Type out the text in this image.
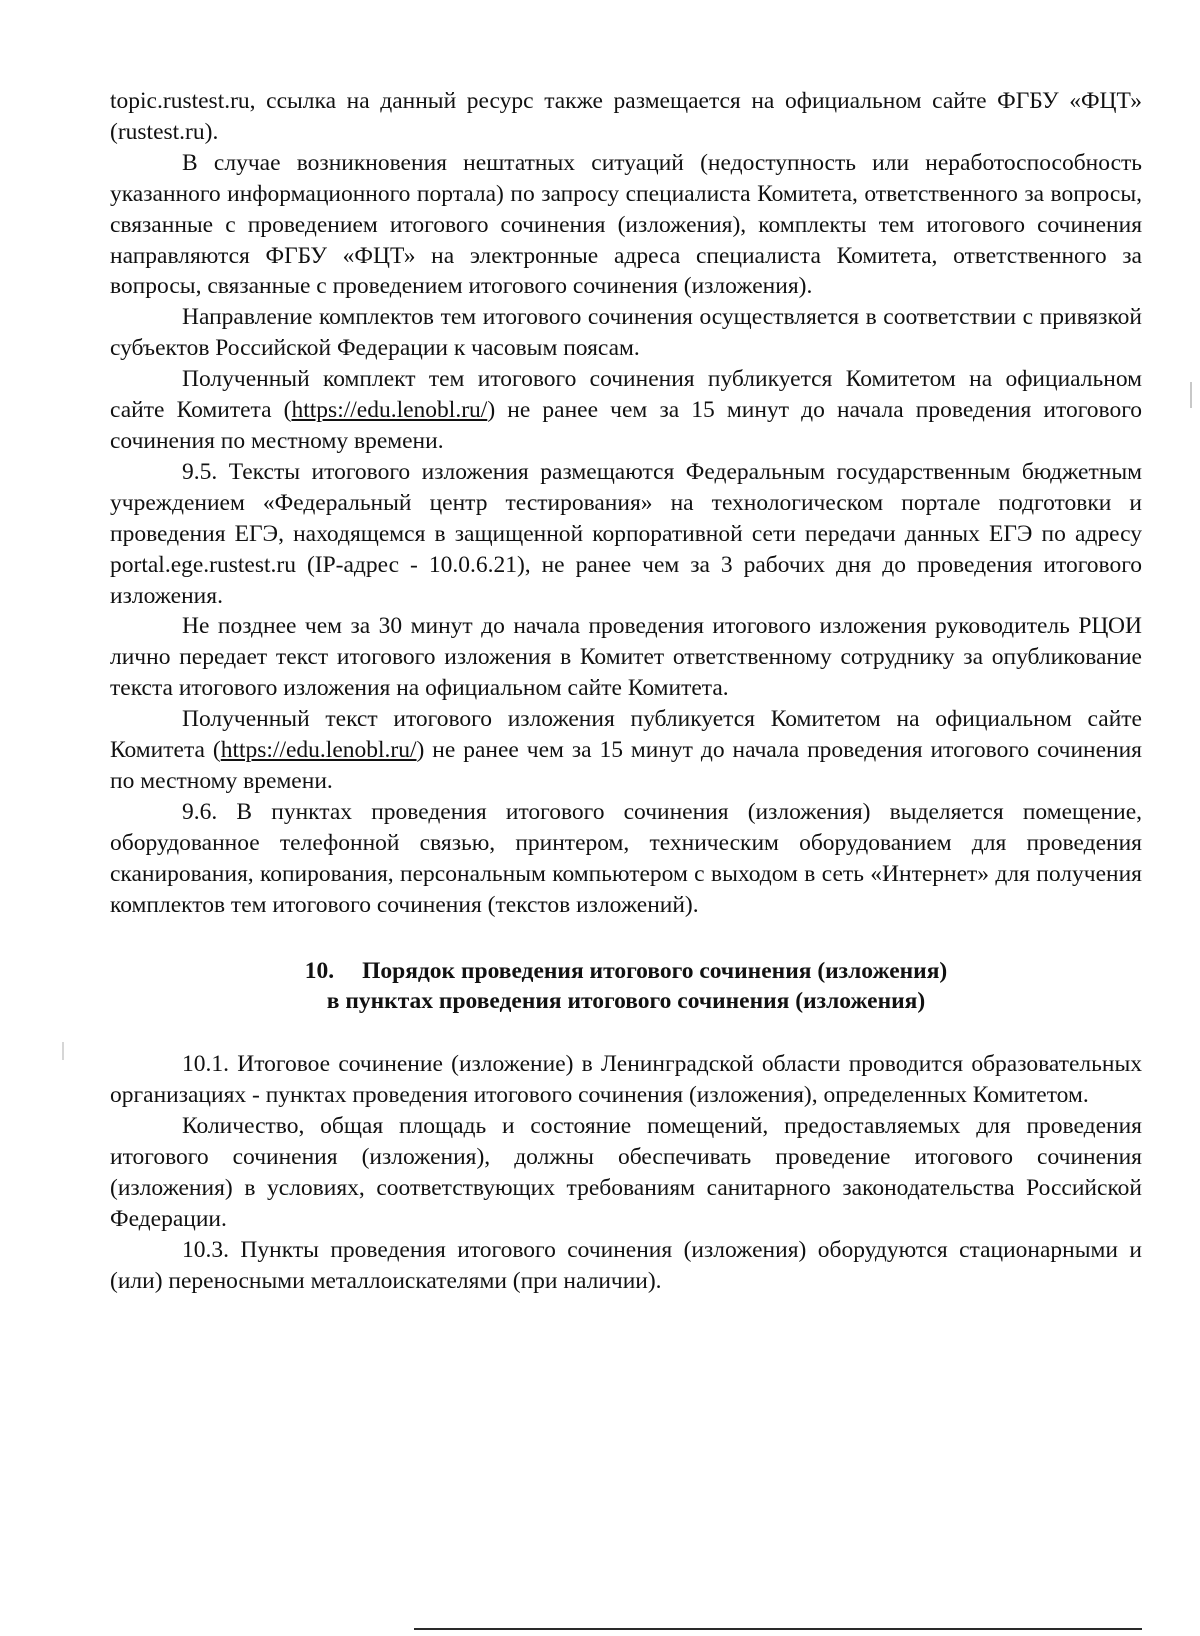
topic.rustest.ru, ссылка на данный ресурс также размещается на официальном сайте ФГБУ «ФЦТ» (rustest.ru).

В случае возникновения нештатных ситуаций (недоступность или неработоспособность указанного информационного портала) по запросу специалиста Комитета, ответственного за вопросы, связанные с проведением итогового сочинения (изложения), комплекты тем итогового сочинения направляются ФГБУ «ФЦТ» на электронные адреса специалиста Комитета, ответственного за вопросы, связанные с проведением итогового сочинения (изложения).

Направление комплектов тем итогового сочинения осуществляется в соответствии с привязкой субъектов Российской Федерации к часовым поясам.

Полученный комплект тем итогового сочинения публикуется Комитетом на официальном сайте Комитета (https://edu.lenobl.ru/) не ранее чем за 15 минут до начала проведения итогового сочинения по местному времени.

9.5. Тексты итогового изложения размещаются Федеральным государственным бюджетным учреждением «Федеральный центр тестирования» на технологическом портале подготовки и проведения ЕГЭ, находящемся в защищенной корпоративной сети передачи данных ЕГЭ по адресу portal.ege.rustest.ru (IP-адрес - 10.0.6.21), не ранее чем за 3 рабочих дня до проведения итогового изложения.

Не позднее чем за 30 минут до начала проведения итогового изложения руководитель РЦОИ лично передает текст итогового изложения в Комитет ответственному сотруднику за опубликование текста итогового изложения на официальном сайте Комитета.

Полученный текст итогового изложения публикуется Комитетом на официальном сайте Комитета (https://edu.lenobl.ru/) не ранее чем за 15 минут до начала проведения итогового сочинения по местному времени.

9.6. В пунктах проведения итогового сочинения (изложения) выделяется помещение, оборудованное телефонной связью, принтером, техническим оборудованием для проведения сканирования, копирования, персональным компьютером с выходом в сеть «Интернет» для получения комплектов тем итогового сочинения (текстов изложений).

10. Порядок проведения итогового сочинения (изложения)
в пунктах проведения итогового сочинения (изложения)

10.1. Итоговое сочинение (изложение) в Ленинградской области проводится образовательных организациях - пунктах проведения итогового сочинения (изложения), определенных Комитетом.

Количество, общая площадь и состояние помещений, предоставляемых для проведения итогового сочинения (изложения), должны обеспечивать проведение итогового сочинения (изложения) в условиях, соответствующих требованиям санитарного законодательства Российской Федерации.

10.3. Пункты проведения итогового сочинения (изложения) оборудуются стационарными и (или) переносными металлоискателями (при наличии).
